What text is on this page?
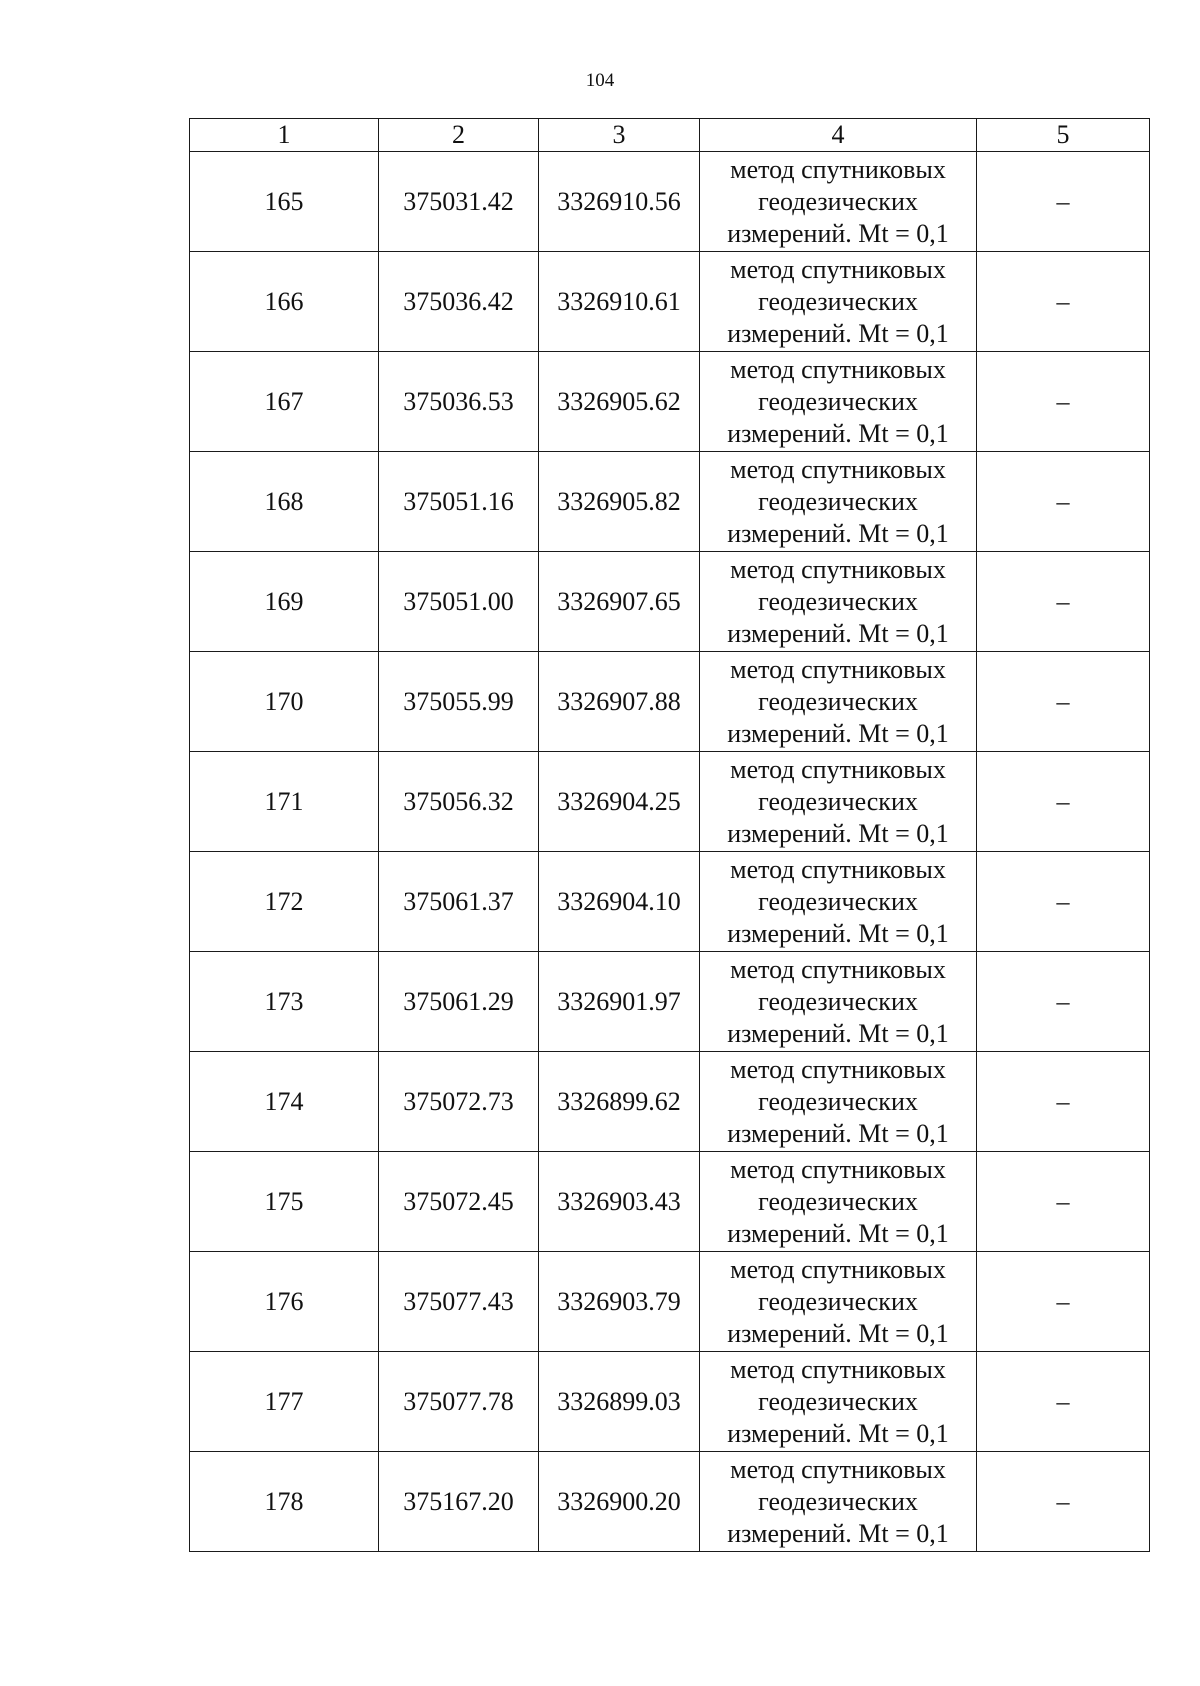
104
1	2	3	4	5
165	375031.42	3326910.56	метод спутниковых
геодезических
измерений. Mt = 0,1	–
166	375036.42	3326910.61	метод спутниковых
геодезических
измерений. Mt = 0,1	–
167	375036.53	3326905.62	метод спутниковых
геодезических
измерений. Mt = 0,1	–
168	375051.16	3326905.82	метод спутниковых
геодезических
измерений. Mt = 0,1	–
169	375051.00	3326907.65	метод спутниковых
геодезических
измерений. Mt = 0,1	–
170	375055.99	3326907.88	метод спутниковых
геодезических
измерений. Mt = 0,1	–
171	375056.32	3326904.25	метод спутниковых
геодезических
измерений. Mt = 0,1	–
172	375061.37	3326904.10	метод спутниковых
геодезических
измерений. Mt = 0,1	–
173	375061.29	3326901.97	метод спутниковых
геодезических
измерений. Mt = 0,1	–
174	375072.73	3326899.62	метод спутниковых
геодезических
измерений. Mt = 0,1	–
175	375072.45	3326903.43	метод спутниковых
геодезических
измерений. Mt = 0,1	–
176	375077.43	3326903.79	метод спутниковых
геодезических
измерений. Mt = 0,1	–
177	375077.78	3326899.03	метод спутниковых
геодезических
измерений. Mt = 0,1	–
178	375167.20	3326900.20	метод спутниковых
геодезических
измерений. Mt = 0,1	–
